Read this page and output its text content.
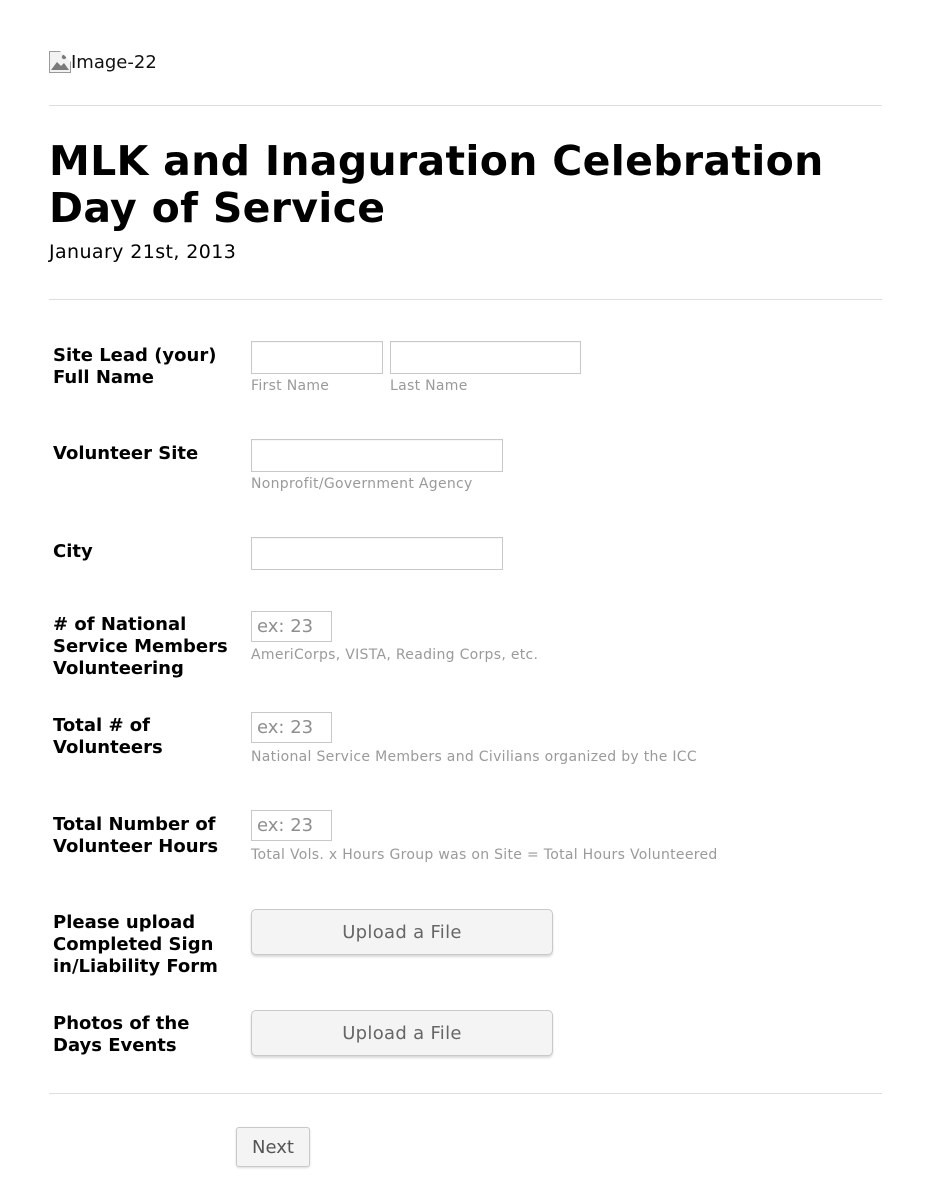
Image-22
MLK and Inaguration Celebration Day of Service
January 21st, 2013
Site Lead (your) Full Name	First Name	Last Name
Volunteer Site
Nonprofit/Government Agency
City
# of National Service Members Volunteering
ex: 23
AmeriCorps, VISTA, Reading Corps, etc.
Total # of Volunteers
ex: 23
National Service Members and Civilians organized by the ICC
Total Number of Volunteer Hours
ex: 23
Total Vols. x Hours Group was on Site = Total Hours Volunteered
Please upload Completed Sign in/Liability Form
Upload a File
Photos of the Days Events
Upload a File
Next
